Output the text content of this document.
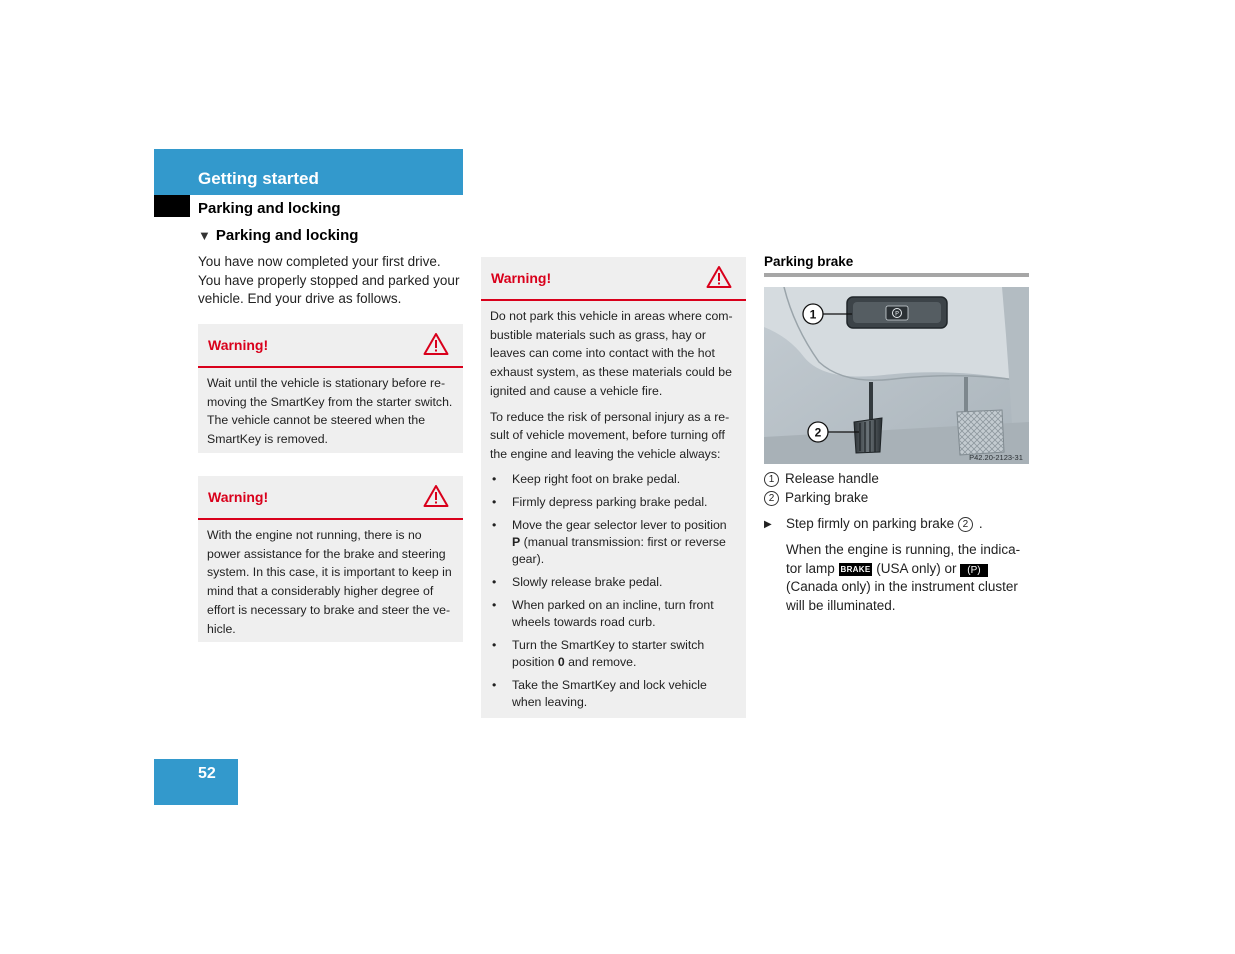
Getting started
Parking and locking
▼ Parking and locking
You have now completed your first drive. You have properly stopped and parked your vehicle. End your drive as follows.
Warning!
Wait until the vehicle is stationary before re-moving the SmartKey from the starter switch. The vehicle cannot be steered when the SmartKey is removed.
Warning!
With the engine not running, there is no power assistance for the brake and steering system. In this case, it is important to keep in mind that a considerably higher degree of effort is necessary to brake and steer the ve-hicle.
Warning!

Do not park this vehicle in areas where com-bustible materials such as grass, hay or leaves can come into contact with the hot exhaust system, as these materials could be ignited and cause a vehicle fire.

To reduce the risk of personal injury as a re-sult of vehicle movement, before turning off the engine and leaving the vehicle always:

• Keep right foot on brake pedal.
• Firmly depress parking brake pedal.
• Move the gear selector lever to position P (manual transmission: first or reverse gear).
• Slowly release brake pedal.
• When parked on an incline, turn front wheels towards road curb.
• Turn the SmartKey to starter switch position 0 and remove.
• Take the SmartKey and lock vehicle when leaving.
Parking brake
P
1
2
P42.20-2123-31
1 Release handle
2 Parking brake
▶	Step firmly on parking brake 2 .
When the engine is running, the indica-tor lamp BRAKE (USA only) or (P) (Canada only) in the instrument cluster will be illuminated.
52
